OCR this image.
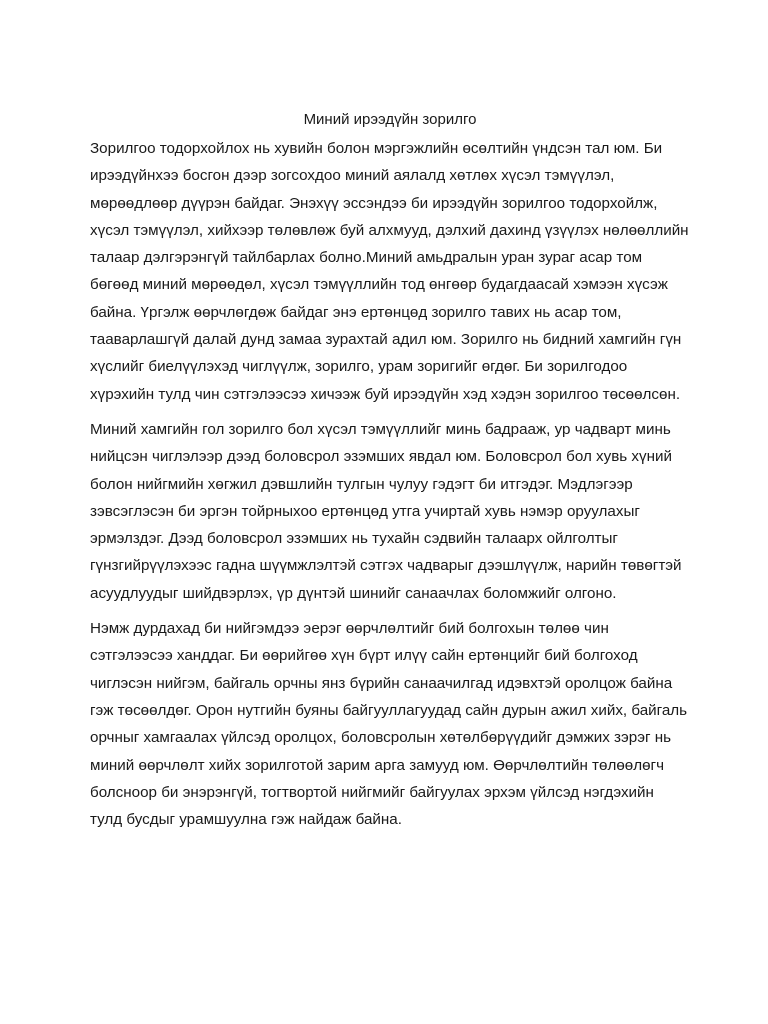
Миний ирээдүйн зорилго

Зорилгоо тодорхойлох нь хувийн болон мэргэжлийн өсөлтийн үндсэн тал юм. Би ирээдүйнхээ босгон дээр зогсохдоо миний аялалд хөтлөх хүсэл тэмүүлэл, мөрөөдлөөр дүүрэн байдаг. Энэхүү эссэндээ би ирээдүйн зорилгоо тодорхойлж, хүсэл тэмүүлэл, хийхээр төлөвлөж буй алхмууд, дэлхий дахинд үзүүлэх нөлөөллийн талаар дэлгэрэнгүй тайлбарлах болно.Миний амьдралын уран зураг асар том бөгөөд миний мөрөөдөл, хүсэл тэмүүллийн тод өнгөөр будагдаасай хэмээн хүсэж байна. Үргэлж өөрчлөгдөж байдаг энэ ертөнцөд зорилго тавих нь асар том, тааварлашгүй далай дунд замаа зурахтай адил юм. Зорилго нь бидний хамгийн гүн хүслийг биелүүлэхэд чиглүүлж, зорилго, урам зоригийг өгдөг. Би зорилгодоо хүрэхийн тулд чин сэтгэлээсээ хичээж буй ирээдүйн хэд хэдэн зорилгоо төсөөлсөн.

Миний хамгийн гол зорилго бол хүсэл тэмүүллийг минь бадрааж, ур чадварт минь нийцсэн чиглэлээр дээд боловсрол эзэмших явдал юм. Боловсрол бол хувь хүний болон нийгмийн хөгжил дэвшлийн тулгын чулуу гэдэгт би итгэдэг. Мэдлэгээр зэвсэглэсэн би эргэн тойрныхоо ертөнцөд утга учиртай хувь нэмэр оруулахыг эрмэлздэг. Дээд боловсрол эзэмших нь тухайн сэдвийн талаарх ойлголтыг гүнзгийрүүлэхээс гадна шүүмжлэлтэй сэтгэх чадварыг дээшлүүлж, нарийн төвөгтэй асуудлуудыг шийдвэрлэх, үр дүнтэй шинийг санаачлах боломжийг олгоно.

Нэмж дурдахад би нийгэмдээ эерэг өөрчлөлтийг бий болгохын төлөө чин сэтгэлээсээ ханддаг. Би өөрийгөө хүн бүрт илүү сайн ертөнцийг бий болгоход чиглэсэн нийгэм, байгаль орчны янз бүрийн санаачилгад идэвхтэй оролцож байна гэж төсөөлдөг. Орон нутгийн буяны байгууллагуудад сайн дурын ажил хийх, байгаль орчныг хамгаалах үйлсэд оролцох, боловсролын хөтөлбөрүүдийг дэмжих зэрэг нь миний өөрчлөлт хийх зорилготой зарим арга замууд юм. Өөрчлөлтийн төлөөлөгч болсноор би энэрэнгүй, тогтвортой нийгмийг байгуулах эрхэм үйлсэд нэгдэхийн тулд бусдыг урамшуулна гэж найдаж байна.
